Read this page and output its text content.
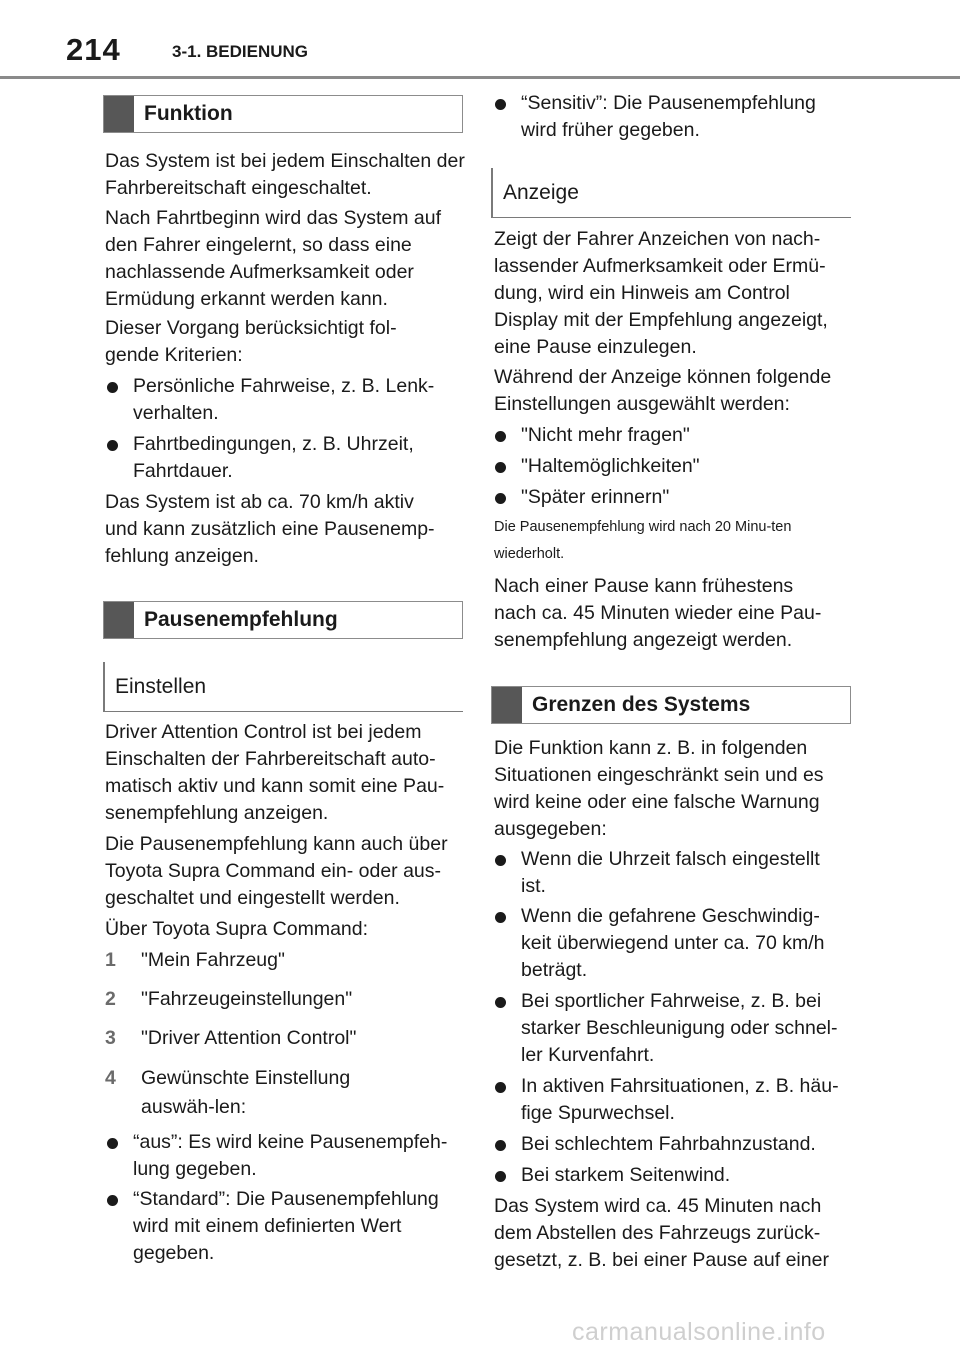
214	3-1. BEDIENUNG
Funktion
Das System ist bei jedem Einschalten der Fahrbereitschaft eingeschaltet.
Nach Fahrtbeginn wird das System auf den Fahrer eingelernt, so dass eine nachlassende Aufmerksamkeit oder Ermüdung erkannt werden kann.
Dieser Vorgang berücksichtigt fol-gende Kriterien:
Persönliche Fahrweise, z. B. Lenk-verhalten.
Fahrtbedingungen, z. B. Uhrzeit, Fahrtdauer.
Das System ist ab ca. 70 km/h aktiv und kann zusätzlich eine Pausenemp-fehlung anzeigen.
Pausenempfehlung
Einstellen
Driver Attention Control ist bei jedem Einschalten der Fahrbereitschaft auto-matisch aktiv und kann somit eine Pau-senempfehlung anzeigen.
Die Pausenempfehlung kann auch über Toyota Supra Command ein- oder aus-geschaltet und eingestellt werden.
Über Toyota Supra Command:
1 "Mein Fahrzeug"
2 "Fahrzeugeinstellungen"
3 "Driver Attention Control"
4 Gewünschte Einstellung auswäh-len:
“aus”: Es wird keine Pausenempfeh-lung gegeben.
“Standard”: Die Pausenempfehlung wird mit einem definierten Wert gegeben.
“Sensitiv”: Die Pausenempfehlung wird früher gegeben.
Anzeige
Zeigt der Fahrer Anzeichen von nach-lassender Aufmerksamkeit oder Ermü-dung, wird ein Hinweis am Control Display mit der Empfehlung angezeigt, eine Pause einzulegen.
Während der Anzeige können folgende Einstellungen ausgewählt werden:
"Nicht mehr fragen"
"Haltemöglichkeiten"
"Später erinnern"
Die Pausenempfehlung wird nach 20 Minu-ten wiederholt.
Nach einer Pause kann frühestens nach ca. 45 Minuten wieder eine Pau-senempfehlung angezeigt werden.
Grenzen des Systems
Die Funktion kann z. B. in folgenden Situationen eingeschränkt sein und es wird keine oder eine falsche Warnung ausgegeben:
Wenn die Uhrzeit falsch eingestellt ist.
Wenn die gefahrene Geschwindig-keit überwiegend unter ca. 70 km/h beträgt.
Bei sportlicher Fahrweise, z. B. bei starker Beschleunigung oder schnel-ler Kurvenfahrt.
In aktiven Fahrsituationen, z. B. häu-fige Spurwechsel.
Bei schlechtem Fahrbahnzustand.
Bei starkem Seitenwind.
Das System wird ca. 45 Minuten nach dem Abstellen des Fahrzeugs zurück-gesetzt, z. B. bei einer Pause auf einer
carmanualsonline.info
